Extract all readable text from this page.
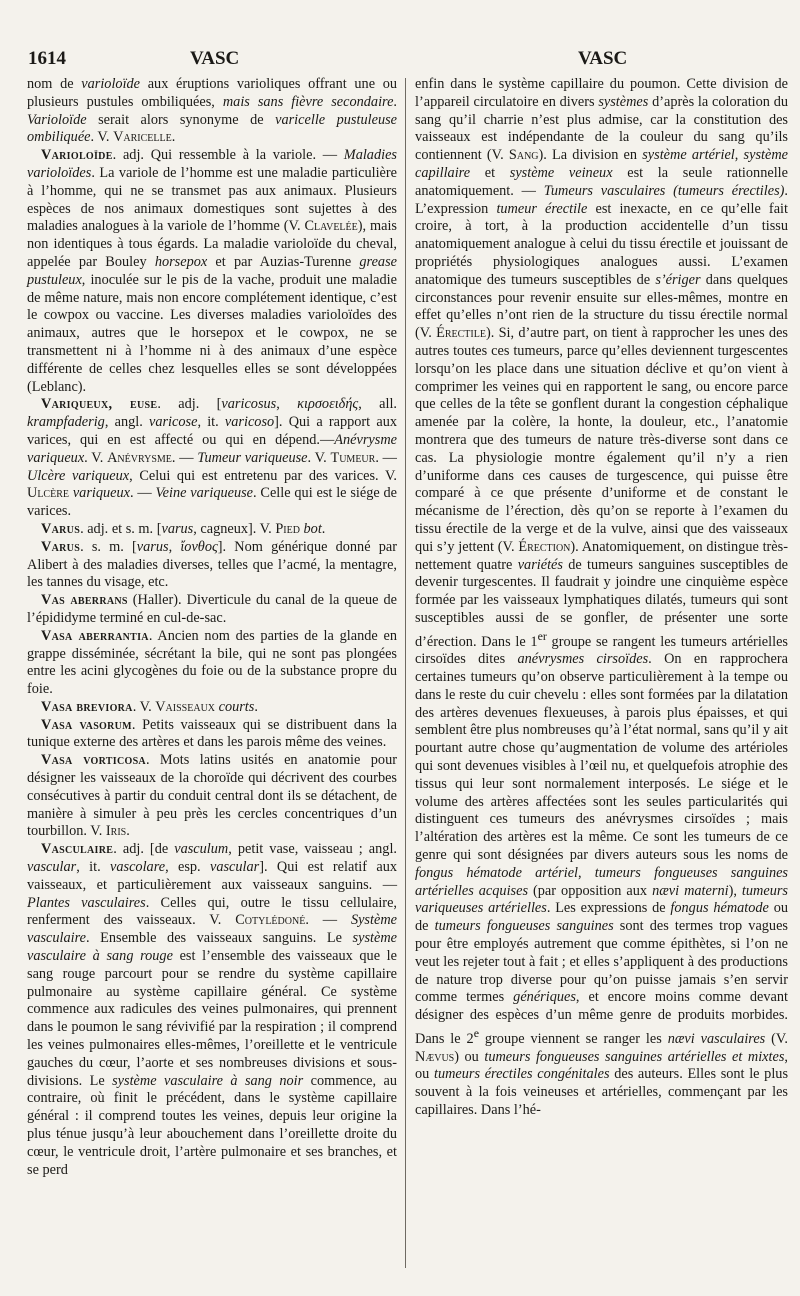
1614	VASC	VASC

nom de varioloïde aux éruptions varioliques offrant une ou plusieurs pustules ombiliquées, mais sans fièvre secondaire. Varioloïde serait alors synonyme de varicelle pustuleuse ombiliquée. V. Varicelle.

Varioloïde. adj. Qui ressemble à la variole. — Maladies varioloïdes. La variole de l’homme est une maladie particulière à l’homme, qui ne se transmet pas aux animaux. Plusieurs espèces de nos animaux domestiques sont sujettes à des maladies analogues à la variole de l’homme (V. Clavelée), mais non identiques à tous égards. La maladie varioloïde du cheval, appelée par Bouley horsepox et par Auzias-Turenne grease pustuleux, inoculée sur le pis de la vache, produit une maladie de même nature, mais non encore complétement identique, c’est le cowpox ou vaccine. Les diverses maladies varioloïdes des animaux, autres que le horsepox et le cowpox, ne se transmettent ni à l’homme ni à des animaux d’une espèce différente de celles chez lesquelles elles se sont développées (Leblanc).

Variqueux, euse. adj. [varicosus, κιρσοειδής, all. krampfaderig, angl. varicose, it. varicoso]. Qui a rapport aux varices, qui en est affecté ou qui en dépend.—Anévrysme variqueux. V. Anévrysme. — Tumeur variqueuse. V. Tumeur. — Ulcère variqueux, Celui qui est entretenu par des varices. V. Ulcère variqueux. — Veine variqueuse. Celle qui est le siége de varices.

Varus. adj. et s. m. [varus, cagneux]. V. Pied bot.

Varus. s. m. [varus, ἴονθος]. Nom générique donné par Alibert à des maladies diverses, telles que l’acmé, la mentagre, les tannes du visage, etc.

Vas aberrans (Haller). Diverticule du canal de la queue de l’épididyme terminé en cul-de-sac.

Vasa aberrantia. Ancien nom des parties de la glande en grappe disséminée, sécrétant la bile, qui ne sont pas plongées entre les acini glycogènes du foie ou de la substance propre du foie.

Vasa breviora. V. Vaisseaux courts.

Vasa vasorum. Petits vaisseaux qui se distribuent dans la tunique externe des artères et dans les parois même des veines.

Vasa vorticosa. Mots latins usités en anatomie pour désigner les vaisseaux de la choroïde qui décrivent des courbes consécutives à partir du conduit central dont ils se détachent, de manière à simuler à peu près les cercles concentriques d’un tourbillon. V. Iris.

Vasculaire. adj. [de vasculum, petit vase, vaisseau ; angl. vascular, it. vascolare, esp. vascular]. Qui est relatif aux vaisseaux, et particulièrement aux vaisseaux sanguins. — Plantes vasculaires. Celles qui, outre le tissu cellulaire, renferment des vaisseaux. V. Cotylédoné. — Système vasculaire. Ensemble des vaisseaux sanguins. Le système vasculaire à sang rouge est l’ensemble des vaisseaux que le sang rouge parcourt pour se rendre du système capillaire pulmonaire au système capillaire général. Ce système commence aux radicules des veines pulmonaires, qui prennent dans le poumon le sang révivifié par la respiration ; il comprend les veines pulmonaires elles-mêmes, l’oreillette et le ventricule gauches du cœur, l’aorte et ses nombreuses divisions et sous-divisions. Le système vasculaire à sang noir commence, au contraire, où finit le précédent, dans le système capillaire général : il comprend toutes les veines, depuis leur origine la plus ténue jusqu’à leur abouchement dans l’oreillette droite du cœur, le ventricule droit, l’artère pulmonaire et ses branches, et se perd

enfin dans le système capillaire du poumon. Cette division de l’appareil circulatoire en divers systèmes d’après la coloration du sang qu’il charrie n’est plus admise, car la constitution des vaisseaux est indépendante de la couleur du sang qu’ils contiennent (V. Sang). La division en système artériel, système capillaire et système veineux est la seule rationnelle anatomiquement. — Tumeurs vasculaires (tumeurs érectiles). L’expression tumeur érectile est inexacte, en ce qu’elle fait croire, à tort, à la production accidentelle d’un tissu anatomiquement analogue à celui du tissu érectile et jouissant de propriétés physiologiques analogues aussi. L’examen anatomique des tumeurs susceptibles de s’ériger dans quelques circonstances pour revenir ensuite sur elles-mêmes, montre en effet qu’elles n’ont rien de la structure du tissu érectile normal (V. Érectile). Si, d’autre part, on tient à rapprocher les unes des autres toutes ces tumeurs, parce qu’elles deviennent turgescentes lorsqu’on les place dans une situation déclive et qu’on vient à comprimer les veines qui en rapportent le sang, ou encore parce que celles de la tête se gonflent durant la congestion céphalique amenée par la colère, la honte, la douleur, etc., l’anatomie montrera que des tumeurs de nature très-diverse sont dans ce cas. La physiologie montre également qu’il n’y a rien d’uniforme dans ces causes de turgescence, qui puisse être comparé à ce que présente d’uniforme et de constant le mécanisme de l’érection, dès qu’on se reporte à l’examen du tissu érectile de la verge et de la vulve, ainsi que des vaisseaux qui s’y jettent (V. Érection). Anatomiquement, on distingue très-nettement quatre variétés de tumeurs sanguines susceptibles de devenir turgescentes. Il faudrait y joindre une cinquième espèce formée par les vaisseaux lymphatiques dilatés, tumeurs qui sont susceptibles aussi de se gonfler, de présenter une sorte d’érection. Dans le 1er groupe se rangent les tumeurs artérielles cirsoïdes dites anévrysmes cirsoïdes. On en rapprochera certaines tumeurs qu’on observe particulièrement à la tempe ou dans le reste du cuir chevelu : elles sont formées par la dilatation des artères devenues flexueuses, à parois plus épaisses, et qui semblent être plus nombreuses qu’à l’état normal, sans qu’il y ait pourtant autre chose qu’augmentation de volume des artérioles qui sont devenues visibles à l’œil nu, et quelquefois atrophie des tissus qui leur sont normalement interposés. Le siége et le volume des artères affectées sont les seules particularités qui distinguent ces tumeurs des anévrysmes cirsoïdes ; mais l’altération des artères est la même. Ce sont les tumeurs de ce genre qui sont désignées par divers auteurs sous les noms de fongus hématode artériel, tumeurs fongueuses sanguines artérielles acquises (par opposition aux nævi materni), tumeurs variqueuses artérielles. Les expressions de fongus hématode ou de tumeurs fongueuses sanguines sont des termes trop vagues pour être employés autrement que comme épithètes, si l’on ne veut les rejeter tout à fait ; et elles s’appliquent à des productions de nature trop diverse pour qu’on puisse jamais s’en servir comme termes génériques, et encore moins comme devant désigner des espèces d’un même genre de produits morbides. Dans le 2e groupe viennent se ranger les nævi vasculaires (V. Nævus) ou tumeurs fongueuses sanguines artérielles et mixtes, ou tumeurs érectiles congénitales des auteurs. Elles sont le plus souvent à la fois veineuses et artérielles, commençant par les capillaires. Dans l’hé-
